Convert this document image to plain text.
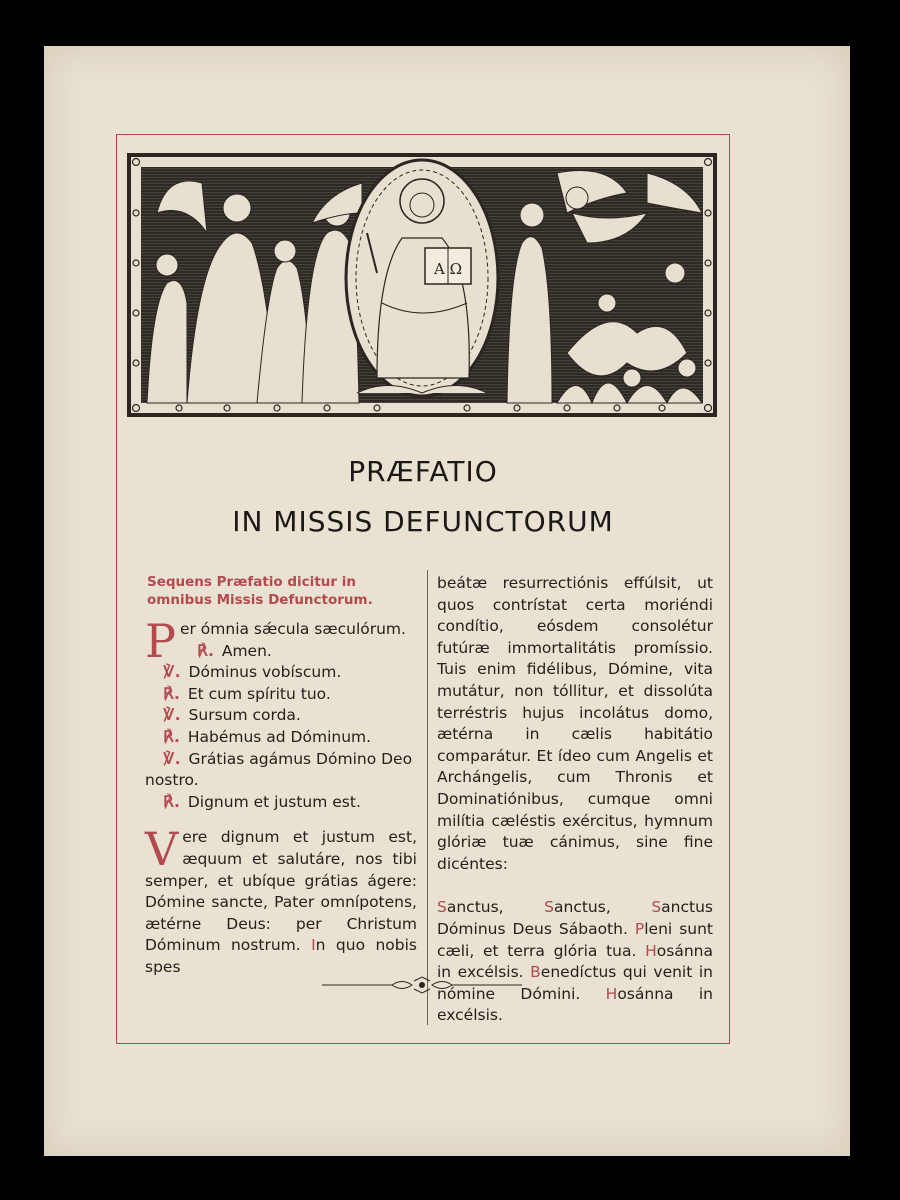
A Ω
PRÆFATIO
IN MISSIS DEFUNCTORUM
Sequens Præfatio dicitur in omnibus Missis Defunctorum.
P er ómnia sǽcula sæculórum.
℟. Amen.
℣. Dóminus vobíscum.
℟. Et cum spíritu tuo.
℣. Sursum corda.
℟. Habémus ad Dóminum.
℣. Grátias agámus Dómino Deo
nostro.
℟. Dignum et justum est.
Vere dignum et justum est, æquum et salutáre, nos tibi semper, et ubíque grátias ágere: Dómine sancte, Pater omnípotens, ætérne Deus: per Christum Dóminum nostrum. In quo nobis spes
beátæ resurrectiónis effúlsit, ut quos contrístat certa moriéndi condítio, eósdem consolétur futúræ immortalitátis promíssio. Tuis enim fidélibus, Dómine, vita mutátur, non tóllitur, et dissolúta terréstris hujus incolátus domo, ætérna in cælis habitátio comparátur. Et ídeo cum Angelis et Archángelis, cum Thronis et Dominatiónibus, cumque omni milítia cæléstis exércitus, hymnum glóriæ tuæ cánimus, sine fine dicéntes:
Sanctus, Sanctus, Sanctus Dóminus Deus Sábaoth. Pleni sunt cæli, et terra glória tua. Hosánna in excélsis. Benedíctus qui venit in nómine Dómini. Hosánna in excélsis.
